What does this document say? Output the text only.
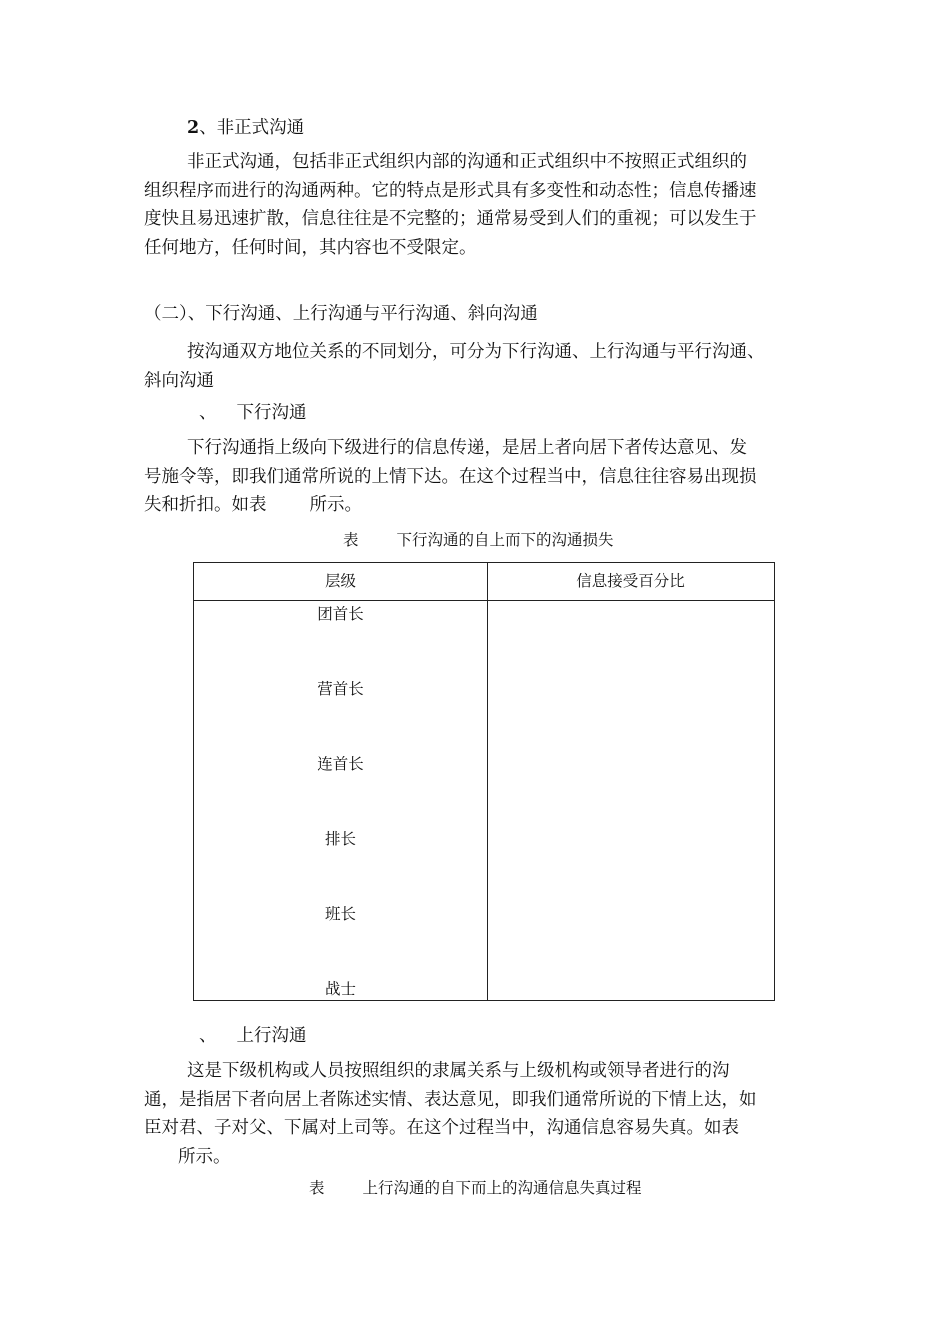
2、非正式沟通
非正式沟通，包括非正式组织内部的沟通和正式组织中不按照正式组织的
组织程序而进行的沟通两种。它的特点是形式具有多变性和动态性；信息传播速
度快且易迅速扩散，信息往往是不完整的；通常易受到人们的重视；可以发生于
任何地方，任何时间，其内容也不受限定。
（二）、下行沟通、上行沟通与平行沟通、斜向沟通
按沟通双方地位关系的不同划分，可分为下行沟通、上行沟通与平行沟通、
斜向沟通
、 下行沟通
下行沟通指上级向下级进行的信息传递，是居上者向居下者传达意见、发
号施令等，即我们通常所说的上情下达。在这个过程当中，信息往往容易出现损
失和折扣。如表 所示。
表 下行沟通的自上而下的沟通损失
层级	信息接受百分比
团首长
营首长
连首长
排长
班长
战士
、 上行沟通
这是下级机构或人员按照组织的隶属关系与上级机构或领导者进行的沟
通，是指居下者向居上者陈述实情、表达意见，即我们通常所说的下情上达，如
臣对君、子对父、下属对上司等。在这个过程当中，沟通信息容易失真。如表
所示。
表 上行沟通的自下而上的沟通信息失真过程
